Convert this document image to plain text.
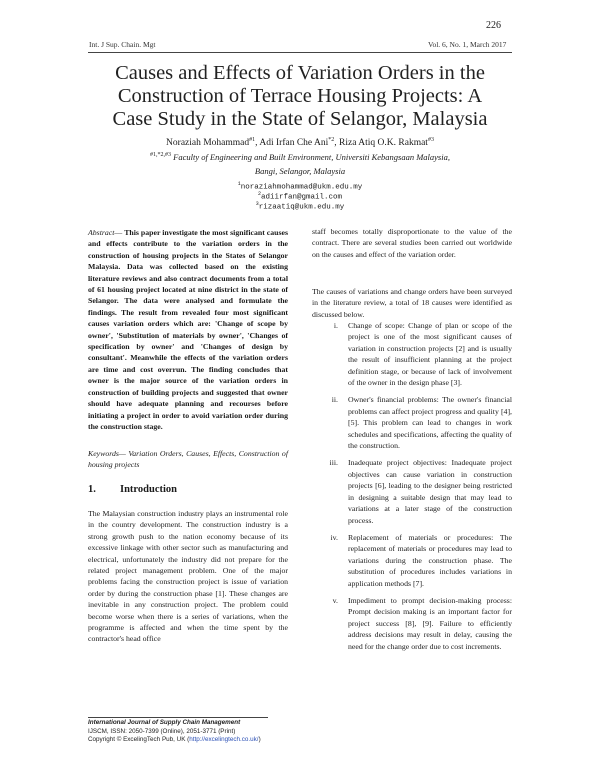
226
Int. J Sup. Chain. Mgt	Vol. 6, No. 1, March 2017
Causes and Effects of Variation Orders in the
Construction of Terrace Housing Projects: A
Case Study in the State of Selangor, Malaysia
Noraziah Mohammad$^{\#1}$, Adi Irfan Che Ani$^{*2}$, Riza Atiq O.K. Rakmat$^{\#3}$
$^{\#1,*2,\#3}$ Faculty of Engineering and Built Environment, Universiti Kebangsaan Malaysia,
Bangi, Selangor, Malaysia
$^1$noraziahmohammad@ukm.edu.my
$^2$adiirfan@gmail.com
$^3$rizaatiq@ukm.edu.my

Abstract— This paper investigate the most significant causes and effects contribute to the variation orders in the construction of housing projects in the States of Selangor Malaysia. Data was collected based on the existing literature reviews and also contract documents from a total of 61 housing project located at nine district in the state of Selangor. The data were analysed and formulate the findings. The result from revealed four most significant causes variation orders which are: 'Change of scope by owner', 'Substitution of materials by owner', 'Changes of specification by owner' and 'Changes of design by consultant'. Meanwhile the effects of the variation orders are time and cost overrun. The finding concludes that owner is the major source of the variation orders in construction of building projects and suggested that owner should have adequate planning and recourses before initiating a project in order to avoid variation order during the construction stage.

Keywords— Variation Orders, Causes, Effects, Construction of housing projects

1. Introduction

The Malaysian construction industry plays an instrumental role in the country development. The construction industry is a strong growth push to the nation economy because of its excessive linkage with other sector such as manufacturing and electrical, unfortunately the industry did not prepare for the related project management problem. One of the major problems facing the construction project is issue of variation order by during the construction phase [1]. These changes are inevitable in any construction project. The problem could become worse when there is a series of variations, when the programme is affected and when the time spent by the contractor's head office

staff becomes totally disproportionate to the value of the contract. There are several studies been carried out worldwide on the causes and effect of the variation order.

The causes of variations and change orders have been surveyed in the literature review, a total of 18 causes were identified as discussed below.

i. Change of scope: Change of plan or scope of the project is one of the most significant causes of variation in construction projects [2] and is usually the result of insufficient planning at the project definition stage, or because of lack of involvement of the owner in the design phase [3].
ii. Owner's financial problems: The owner's financial problems can affect project progress and quality [4], [5]. This problem can lead to changes in work schedules and specifications, affecting the quality of the construction.
iii. Inadequate project objectives: Inadequate project objectives can cause variation in construction projects [6], leading to the designer being restricted in designing a suitable design that may lead to variations at a later stage of the construction process.
iv. Replacement of materials or procedures: The replacement of materials or procedures may lead to variations during the construction phase. The substitution of procedures includes variations in application methods [7].
v. Impediment to prompt decision-making process: Prompt decision making is an important factor for project success [8], [9]. Failure to efficiently address decisions may result in delay, causing the need for the change order due to cost increments.
International Journal of Supply Chain Management
IJSCM, ISSN: 2050-7399 (Online), 2051-3771 (Print)
Copyright © ExcelingTech Pub, UK (http://excelingtech.co.uk/)
